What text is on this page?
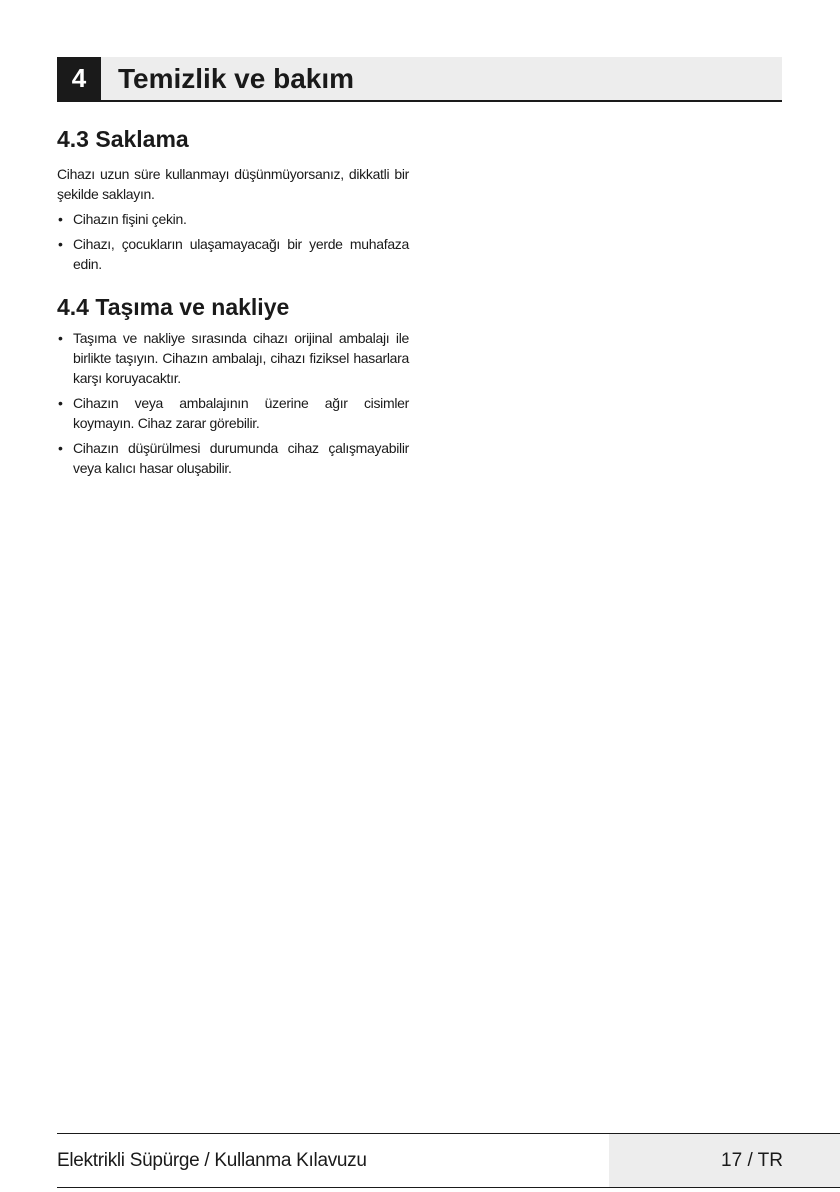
4	Temizlik ve bakım
4.3 Saklama

Cihazı uzun süre kullanmayı düşünmüyorsanız, dikkatli bir şekilde saklayın.

• Cihazın fişini çekin.
• Cihazı, çocukların ulaşamayacağı bir yerde muhafaza edin.
4.4 Taşıma ve nakliye
• Taşıma ve nakliye sırasında cihazı orijinal ambalajı ile birlikte taşıyın. Cihazın ambalajı, cihazı fiziksel hasarlara karşı koruyacaktır.
• Cihazın veya ambalajının üzerine ağır cisimler koymayın. Cihaz zarar görebilir.
• Cihazın düşürülmesi durumunda cihaz çalışmayabilir veya kalıcı hasar oluşabilir.
Elektrikli Süpürge / Kullanma Kılavuzu	17 / TR
